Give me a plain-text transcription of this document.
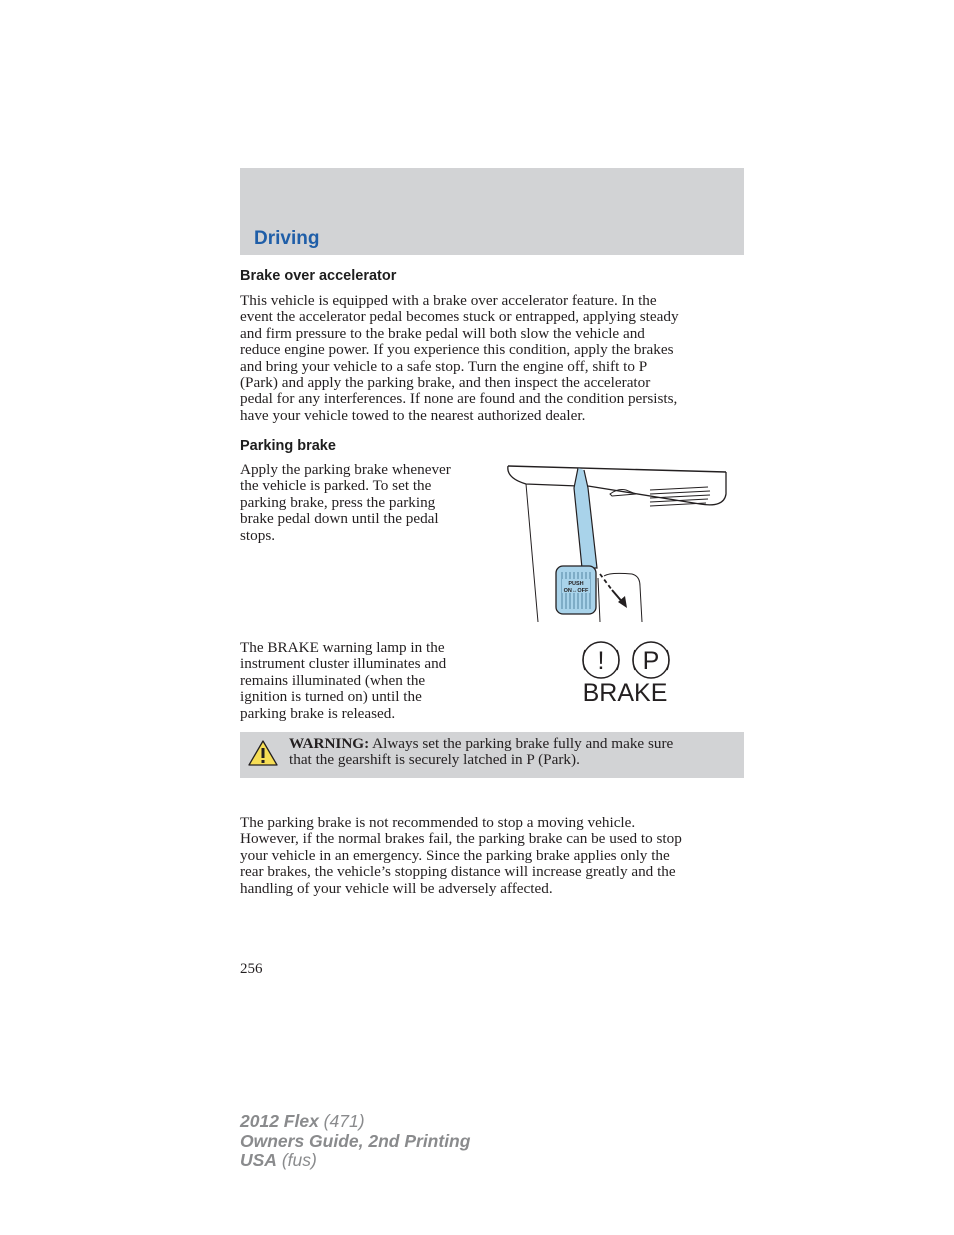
Driving
Brake over accelerator
This vehicle is equipped with a brake over accelerator feature. In the
event the accelerator pedal becomes stuck or entrapped, applying steady
and firm pressure to the brake pedal will both slow the vehicle and
reduce engine power. If you experience this condition, apply the brakes
and bring your vehicle to a safe stop. Turn the engine off, shift to P
(Park) and apply the parking brake, and then inspect the accelerator
pedal for any interferences. If none are found and the condition persists,
have your vehicle towed to the nearest authorized dealer.
Parking brake
Apply the parking brake whenever
the vehicle is parked. To set the
parking brake, press the parking
brake pedal down until the pedal
stops.
PUSH
ON↔OFF
The BRAKE warning lamp in the
instrument cluster illuminates and
remains illuminated (when the
ignition is turned on) until the
parking brake is released.
! P
BRAKE
WARNING: Always set the parking brake fully and make sure
that the gearshift is securely latched in P (Park).
The parking brake is not recommended to stop a moving vehicle.
However, if the normal brakes fail, the parking brake can be used to stop
your vehicle in an emergency. Since the parking brake applies only the
rear brakes, the vehicle’s stopping distance will increase greatly and the
handling of your vehicle will be adversely affected.
256
2012 Flex (471)
Owners Guide, 2nd Printing
USA (fus)
